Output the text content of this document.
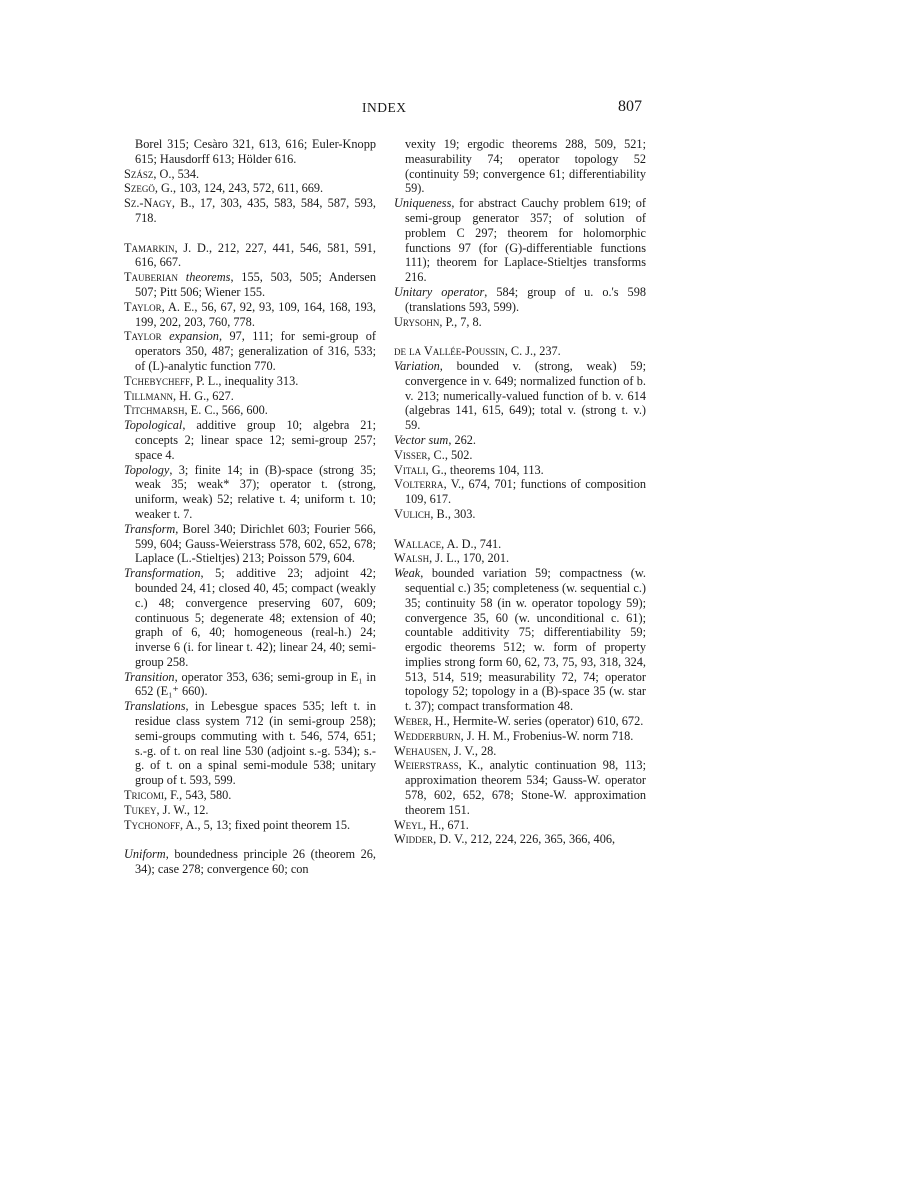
INDEX	807

Borel 315; Cesàro 321, 613, 616; Euler-Knopp 615; Hausdorff 613; Hölder 616.

Szász, O., 534.

Szegö, G., 103, 124, 243, 572, 611, 669.

Sz.-Nagy, B., 17, 303, 435, 583, 584, 587, 593, 718.

Tamarkin, J. D., 212, 227, 441, 546, 581, 591, 616, 667.

Tauberian theorems, 155, 503, 505; Andersen 507; Pitt 506; Wiener 155.

Taylor, A. E., 56, 67, 92, 93, 109, 164, 168, 193, 199, 202, 203, 760, 778.

Taylor expansion, 97, 111; for semi-group of operators 350, 487; generalization of 316, 533; of (L)-analytic function 770.

Tchebycheff, P. L., inequality 313.

Tillmann, H. G., 627.

Titchmarsh, E. C., 566, 600.

Topological, additive group 10; algebra 21; concepts 2; linear space 12; semi-group 257; space 4.

Topology, 3; finite 14; in (B)-space (strong 35; weak 35; weak* 37); operator t. (strong, uniform, weak) 52; relative t. 4; uniform t. 10; weaker t. 7.

Transform, Borel 340; Dirichlet 603; Fourier 566, 599, 604; Gauss-Weierstrass 578, 602, 652, 678; Laplace (L.-Stieltjes) 213; Poisson 579, 604.

Transformation, 5; additive 23; adjoint 42; bounded 24, 41; closed 40, 45; compact (weakly c.) 48; convergence preserving 607, 609; continuous 5; degenerate 48; extension of 40; graph of 6, 40; homogeneous (real-h.) 24; inverse 6 (i. for linear t. 42); linear 24, 40; semi-group 258.

Transition, operator 353, 636; semi-group in E₁ in 652 (E₁⁺ 660).

Translations, in Lebesgue spaces 535; left t. in residue class system 712 (in semi-group 258); semi-groups commuting with t. 546, 574, 651; s.-g. of t. on real line 530 (adjoint s.-g. 534); s.-g. of t. on a spinal semi-module 538; unitary group of t. 593, 599.

Tricomi, F., 543, 580.

Tukey, J. W., 12.

Tychonoff, A., 5, 13; fixed point theorem 15.

Uniform, boundedness principle 26 (theorem 26, 34); case 278; convergence 60; con

vexity 19; ergodic theorems 288, 509, 521; measurability 74; operator topology 52 (continuity 59; convergence 61; differentiability 59).

Uniqueness, for abstract Cauchy problem 619; of semi-group generator 357; of solution of problem C 297; theorem for holomorphic functions 97 (for (G)-differentiable functions 111); theorem for Laplace-Stieltjes transforms 216.

Unitary operator, 584; group of u. o.'s 598 (translations 593, 599).

Urysohn, P., 7, 8.

de la Vallée-Poussin, C. J., 237.

Variation, bounded v. (strong, weak) 59; convergence in v. 649; normalized function of b. v. 213; numerically-valued function of b. v. 614 (algebras 141, 615, 649); total v. (strong t. v.) 59.

Vector sum, 262.

Visser, C., 502.

Vitali, G., theorems 104, 113.

Volterra, V., 674, 701; functions of composition 109, 617.

Vulich, B., 303.

Wallace, A. D., 741.

Walsh, J. L., 170, 201.

Weak, bounded variation 59; compactness (w. sequential c.) 35; completeness (w. sequential c.) 35; continuity 58 (in w. operator topology 59); convergence 35, 60 (w. unconditional c. 61); countable additivity 75; differentiability 59; ergodic theorems 512; w. form of property implies strong form 60, 62, 73, 75, 93, 318, 324, 513, 514, 519; measurability 72, 74; operator topology 52; topology in a (B)-space 35 (w. star t. 37); compact transformation 48.

Weber, H., Hermite-W. series (operator) 610, 672.

Wedderburn, J. H. M., Frobenius-W. norm 718.

Wehausen, J. V., 28.

Weierstrass, K., analytic continuation 98, 113; approximation theorem 534; Gauss-W. operator 578, 602, 652, 678; Stone-W. approximation theorem 151.

Weyl, H., 671.

Widder, D. V., 212, 224, 226, 365, 366, 406,
